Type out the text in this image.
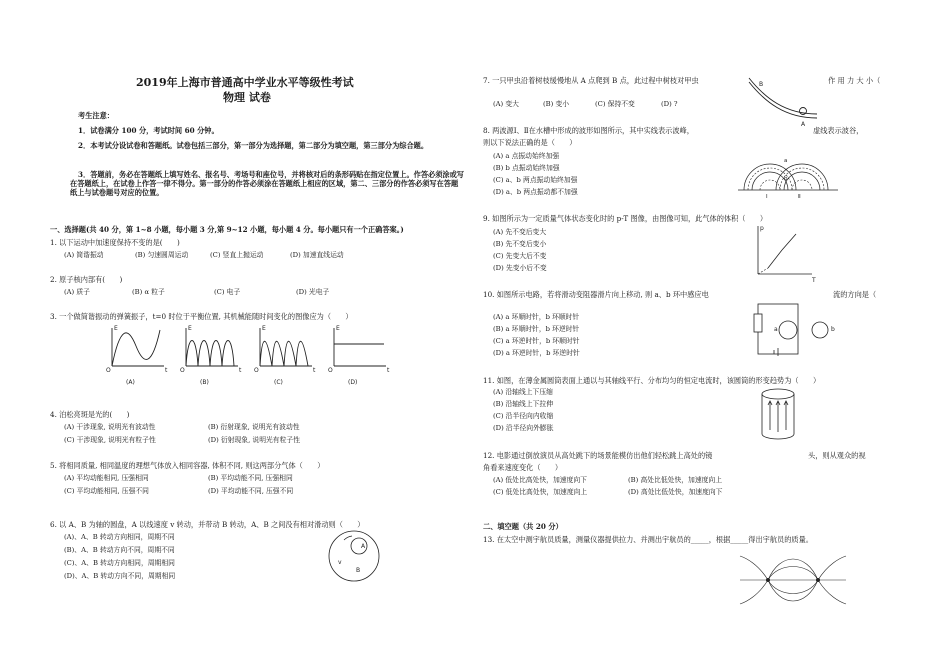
2019年上海市普通高中学业水平等级性考试
物理 试卷
考生注意：
1．试卷满分 100 分，考试时间 60 分钟。
2．本考试分设试卷和答题纸。试卷包括三部分，第一部分为选择题，第二部分为填空题，第三部分为综合题。
3．答题前，务必在答题纸上填写姓名、报名号、考场号和座位号，并将核对后的条形码贴在指定位置上。作答必须涂或写在答题纸上，在试卷上作答一律不得分。第一部分的作答必须涂在答题纸上相应的区域，第二、三部分的作答必须写在答题纸上与试卷题号对应的位置。
一、选择题(共 40 分，第 1~8 小题，每小题 3 分,第 9~12 小题，每小题 4 分。每小题只有一个正确答案。)
1. 以下运动中加速度保持不变的是(　　)
(A) 简谐振动	(B) 匀速圆周运动	(C) 竖直上抛运动	(D) 加速直线运动
2. 原子核内部有(　　)
(A) 质子	(B) α 粒子	(C) 电子	(D) 光电子
3. 一个做简谐振动的弹簧振子，t=0 时位于平衡位置, 其机械能随时间变化的图像应为（　　）
E	E	E	E
O	O	O	O
t	t	t	t
(A)	(B)	(C)	(D)
4. 泊松亮斑是光的(　　)
(A) 干涉现象, 说明光有波动性	(B) 衍射现象, 说明光有波动性
(C) 干涉现象, 说明光有粒子性	(D) 衍射现象, 说明光有粒子性
5. 将相同质量, 相同温度的理想气体放入相同容器, 体积不同, 则这两部分气体（　　）
(A) 平均动能相同, 压强相同	(B) 平均动能不同, 压强相同
(C) 平均动能相同, 压强不同	(D) 平均动能不同, 压强不同
6. 以 A、B 为轴的圆盘，A 以线速度 v 转动，并带动 B 转动，A、B 之间没有相对滑动则（　　）
(A)、A、B 转动方向相同，周期不同
(B)、A、B 转动方向不同，周期不同
(C)、A、B 转动方向相同，周期相同
(D)、A、B 转动方向不同，周期相同
v
A
B
7. 一只甲虫沿着树枝缓慢地从 A 点爬到 B 点，此过程中树枝对甲虫	作 用 力 大 小（
(A) 变大	(B) 变小	(C) 保持不变	(D) ?
B
A
8. 两波源Ⅰ、Ⅱ在水槽中形成的波形如图所示，其中实线表示波峰，	虚线表示波谷，
则以下说法正确的是（　　）
(A) a 点振动始终加强
(B) b 点振动始终加强
(C) a、b 两点振动始终加强
(D) a、b 两点振动都不加强
Ⅰ	Ⅱ
a
b
9. 如图所示为一定质量气体状态变化时的 p-T 图像，由图像可知，此气体的体积（　　）
(A) 先不变后变大
(B) 先不变后变小
(C) 先变大后不变
(D) 先变小后不变
p
T
10. 如图所示电路，若将滑动变阻器滑片向上移动, 则 a、b 环中感应电	流的方向是（
(A) a 环顺时针，b 环顺时针
(B) a 环顺时针，b 环逆时针
(C) a 环逆时针，b 环顺时针
(D) a 环逆时针，b 环逆时针
a	b
11. 如图，在薄金属圆筒表面上通以与其轴线平行、分布均匀的恒定电流时，该圆筒的形变趋势为（　　）
(A) 沿轴线上下压缩
(B) 沿轴线上下拉伸
(C) 沿半径向内收缩
(D) 沿半径向外膨胀
12. 电影通过倒放演员从高处跳下的场景能模仿出他们轻松跳上高处的镜	头，则从观众的视
角看来速度变化（　　）
(A) 低处比高处快，加速度向下	(B) 高处比低处快，加速度向上
(C) 低处比高处快，加速度向上	(D) 高处比低处快，加速度向下
二、填空题（共 20 分）
13. 在太空中测宇航员质量，测量仪器提供拉力、并测出宇航员的_____，根据_____得出宇航员的质量。
